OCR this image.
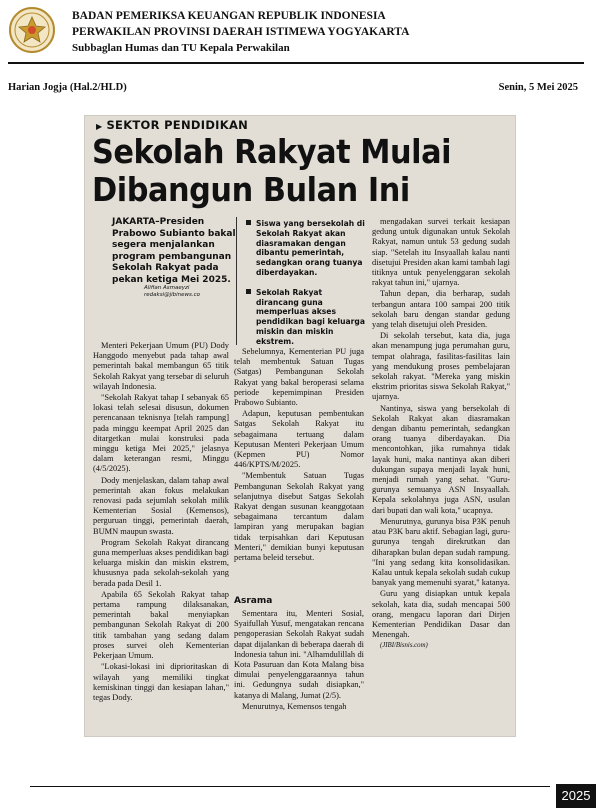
BADAN PEMERIKSA KEUANGAN REPUBLIK INDONESIA
PERWAKILAN PROVINSI DAERAH ISTIMEWA YOGYAKARTA
Subbaglan Humas dan TU Kepala Perwakilan
Harian Jogja (Hal.2/HLD)	Senin, 5 Mei 2025
▶ SEKTOR PENDIDIKAN
Sekolah Rakyat Mulai
Dibangun Bulan Ini
JAKARTA–Presiden Prabowo Subianto bakal segera menjalankan program pembangunan Sekolah Rakyat pada pekan ketiga Mei 2025.
Alifian Asmaeyzi
redaksi@jibinews.co
Siswa yang bersekolah di Sekolah Rakyat akan diasramakan dengan dibantu pemerintah, sedangkan orang tuanya diberdayakan.
Sekolah Rakyat dirancang guna memperluas akses pendidikan bagi keluarga miskin dan miskin ekstrem.

Menteri Pekerjaan Umum (PU) Dody Hanggodo menyebut pada tahap awal pemerintah bakal membangun 65 titik Sekolah Rakyat yang tersebar di seluruh wilayah Indonesia.

"Sekolah Rakyat tahap I sebanyak 65 lokasi telah selesai disusun, dokumen perencanaan teknisnya [telah rampung] pada minggu keempat April 2025 dan ditargetkan mulai konstruksi pada minggu ketiga Mei 2025," jelasnya dalam keterangan resmi, Minggu (4/5/2025).

Dody menjelaskan, dalam tahap awal pemerintah akan fokus melakukan renovasi pada sejumlah sekolah milik Kementerian Sosial (Kemensos), perguruan tinggi, pemerintah daerah, BUMN maupun swasta.

Program Sekolah Rakyat dirancang guna memperluas akses pendidikan bagi keluarga miskin dan miskin ekstrem, khususnya pada sekolah-sekolah yang berada pada Desil 1.

Apabila 65 Sekolah Rakyat tahap pertama rampung dilaksanakan, pemerintah bakal menyiapkan pembangunan Sekolah Rakyat di 200 titik tambahan yang sedang dalam proses survei oleh Kementerian Pekerjaan Umum.

"Lokasi-lokasi ini diprioritaskan di wilayah yang memiliki tingkat kemiskinan tinggi dan kesiapan lahan," tegas Dody.

Sebelumnya, Kementerian PU juga telah membentuk Satuan Tugas (Satgas) Pembangunan Sekolah Rakyat yang bakal beroperasi selama periode kepemimpinan Presiden Prabowo Subianto.

Adapun, keputusan pembentukan Satgas Sekolah Rakyat itu sebagaimana tertuang dalam Keputusan Menteri Pekerjaan Umum (Kepmen PU) Nomor 446/KPTS/M/2025.

"Membentuk Satuan Tugas Pembangunan Sekolah Rakyat yang selanjutnya disebut Satgas Sekolah Rakyat dengan susunan keanggotaan sebagaimana tercantum dalam lampiran yang merupakan bagian tidak terpisahkan dari Keputusan Menteri," demikian bunyi keputusan pertama beleid tersebut.

Asrama

Sementara itu, Menteri Sosial, Syaifullah Yusuf, mengatakan rencana pengoperasian Sekolah Rakyat sudah dapat dijalankan di beberapa daerah di Indonesia tahun ini. "Alhamdulillah di Kota Pasuruan dan Kota Malang bisa dimulai penyelenggaraannya tahun ini. Gedungnya sudah disiapkan," katanya di Malang, Jumat (2/5).

Menurutnya, Kemensos tengah

mengadakan survei terkait kesiapan gedung untuk digunakan untuk Sekolah Rakyat, namun untuk 53 gedung sudah siap. "Setelah itu Insyaallah kalau nanti disetujui Presiden akan kami tambah lagi titiknya untuk penyelenggaran sekolah rakyat tahun ini," ujarnya.

Tahun depan, dia berharap, sudah terbangun antara 100 sampai 200 titik sekolah baru dengan standar gedung yang telah disetujui oleh Presiden.

Di sekolah tersebut, kata dia, juga akan menampung juga perumahan guru, tempat olahraga, fasilitas-fasilitas lain yang mendukung proses pembelajaran sekolah rakyat. "Mereka yang miskin ekstrim prioritas siswa Sekolah Rakyat," ujarnya.

Nantinya, siswa yang bersekolah di Sekolah Rakyat akan diasramakan dengan dibantu pemerintah, sedangkan orang tuanya diberdayakan. Dia mencontohkan, jika rumahnya tidak layak huni, maka nantinya akan diberi dukungan supaya menjadi layak huni, menjadi rumah yang sehat. "Guru-gurunya semuanya ASN Insyaallah. Kepala sekolahnya juga ASN, usulan dari bupati dan wali kota," ucapnya.

Menurutnya, gurunya bisa P3K penuh atau P3K baru aktif. Sebagian lagi, guru-gurunya tengah direkrutkan dan diharapkan bulan depan sudah rampung. "Ini yang sedang kita konsolidasikan. Kalau untuk kepala sekolah sudah cukup banyak yang memenuhi syarat," katanya.

Guru yang disiapkan untuk kepala sekolah, kata dia, sudah mencapai 500 orang, mengacu laporan dari Dirjen Kementerian Pendidikan Dasar dan Menengah.

(JIBI/Bisnis.com)

2025
